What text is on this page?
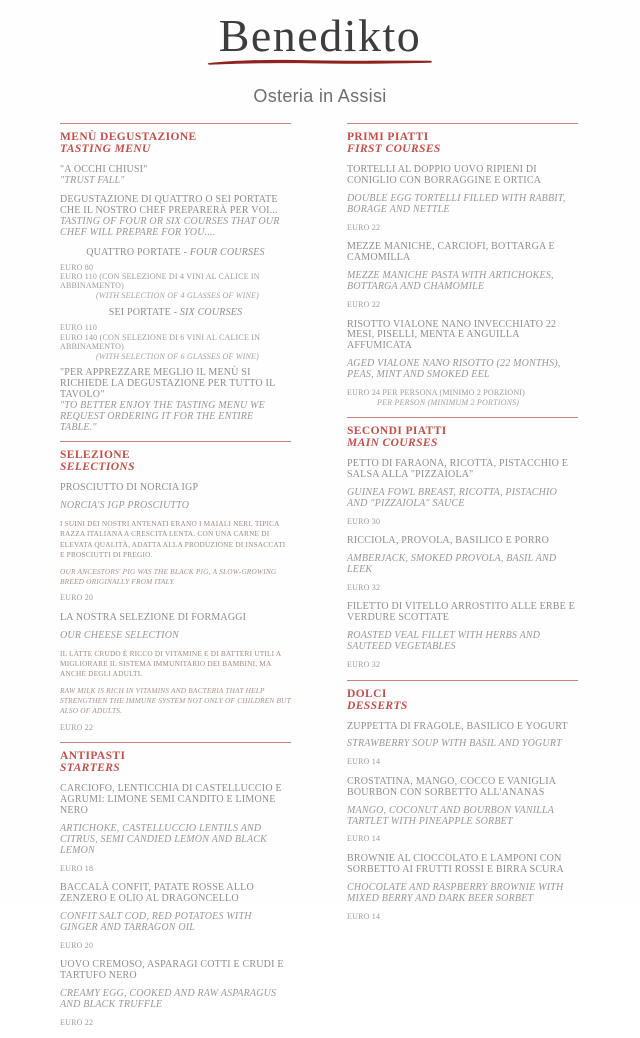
Benedikto
Osteria in Assisi
MENÙ DEGUSTAZIONE
TASTING MENU

"A OCCHI CHIUSI"

"TRUST FALL"

DEGUSTAZIONE DI QUATTRO O SEI PORTATE CHE IL NOSTRO CHEF PREPARERÀ PER VOI...

TASTING OF FOUR OR SIX COURSES THAT OUR CHEF WILL PREPARE FOR YOU....

QUATTRO PORTATE - FOUR COURSES

EURO 80

EURO 110 (CON SELEZIONE DI 4 VINI AL CALICE IN ABBINAMENTO)

(WITH SELECTION OF 4 GLASSES OF WINE)

SEI PORTATE - SIX COURSES

EURO 110

EURO 140 (CON SELEZIONE DI 6 VINI AL CALICE IN ABBINAMENTO)

(WITH SELECTION OF 6 GLASSES OF WINE)

"PER APPREZZARE MEGLIO IL MENÙ SI RICHIEDE LA DEGUSTAZIONE PER TUTTO IL TAVOLO"

"TO BETTER ENJOY THE TASTING MENU WE REQUEST ORDERING IT FOR THE ENTIRE TABLE."

SELEZIONE
SELECTIONS

PROSCIUTTO DI NORCIA IGP

NORCIA'S IGP PROSCIUTTO

I SUINI DEI NOSTRI ANTENATI ERANO I MAIALI NERI, TIPICA RAZZA ITALIANA A CRESCITA LENTA. CON UNA CARNE DI ELEVATA QUALITÀ, ADATTA ALLA PRODUZIONE DI INSACCATI E PROSCIUTTI DI PREGIO.

OUR ANCESTORS' PIG WAS THE BLACK PIG, A SLOW-GROWING BREED ORIGINALLY FROM ITALY.

EURO 20

LA NOSTRA SELEZIONE DI FORMAGGI

OUR CHEESE SELECTION

IL LATTE CRUDO È RICCO DI VITAMINE E DI BATTERI UTILI A MIGLIORARE IL SISTEMA IMMUNITARIO DEI BAMBINI, MA ANCHE DEGLI ADULTI.

RAW MILK IS RICH IN VITAMINS AND BACTERIA THAT HELP STRENGTHEN THE IMMUNE SYSTEM NOT ONLY OF CHILDREN BUT ALSO OF ADULTS.

EURO 22

ANTIPASTI
STARTERS

CARCIOFO, LENTICCHIA DI CASTELLUCCIO E AGRUMI: LIMONE SEMI CANDITO E LIMONE NERO

ARTICHOKE, CASTELLUCCIO LENTILS AND CITRUS, SEMI CANDIED LEMON AND BLACK LEMON

EURO 18

BACCALÀ CONFIT, PATATE ROSSE ALLO ZENZERO E OLIO AL DRAGONCELLO

CONFIT SALT COD, RED POTATOES WITH GINGER AND TARRAGON OIL

EURO 20

UOVO CREMOSO, ASPARAGI COTTI E CRUDI E TARTUFO NERO

CREAMY EGG, COOKED AND RAW ASPARAGUS AND BLACK TRUFFLE

EURO 22

PRIMI PIATTI
FIRST COURSES

TORTELLI AL DOPPIO UOVO RIPIENI DI CONIGLIO CON BORRAGGINE E ORTICA

DOUBLE EGG TORTELLI FILLED WITH RABBIT, BORAGE AND NETTLE

EURO 22

MEZZE MANICHE, CARCIOFI, BOTTARGA E CAMOMILLA

MEZZE MANICHE PASTA WITH ARTICHOKES, BOTTARGA AND CHAMOMILE

EURO 22

RISOTTO VIALONE NANO INVECCHIATO 22 MESI, PISELLI, MENTA E ANGUILLA AFFUMICATA

AGED VIALONE NANO RISOTTO (22 MONTHS), PEAS, MINT AND SMOKED EEL

EURO 24 PER PERSONA (MINIMO 2 PORZIONI)

PER PERSON (MINIMUM 2 PORTIONS)

SECONDI PIATTI
MAIN COURSES

PETTO DI FARAONA, RICOTTA, PISTACCHIO E SALSA ALLA "PIZZAIOLA"

GUINEA FOWL BREAST, RICOTTA, PISTACHIO AND "PIZZAIOLA" SAUCE

EURO 30

RICCIOLA, PROVOLA, BASILICO E PORRO

AMBERJACK, SMOKED PROVOLA, BASIL AND LEEK

EURO 32

FILETTO DI VITELLO ARROSTITO ALLE ERBE E VERDURE SCOTTATE

ROASTED VEAL FILLET WITH HERBS AND SAUTEED VEGETABLES

EURO 32

DOLCI
DESSERTS

ZUPPETTA DI FRAGOLE, BASILICO E YOGURT

STRAWBERRY SOUP WITH BASIL AND YOGURT

EURO 14

CROSTATINA, MANGO, COCCO E VANIGLIA BOURBON CON SORBETTO ALL'ANANAS

MANGO, COCONUT AND BOURBON VANILLA TARTLET WITH PINEAPPLE SORBET

EURO 14

BROWNIE AL CIOCCOLATO E LAMPONI CON SORBETTO AI FRUTTI ROSSI E BIRRA SCURA

CHOCOLATE AND RASPBERRY BROWNIE WITH MIXED BERRY AND DARK BEER SORBET

EURO 14
